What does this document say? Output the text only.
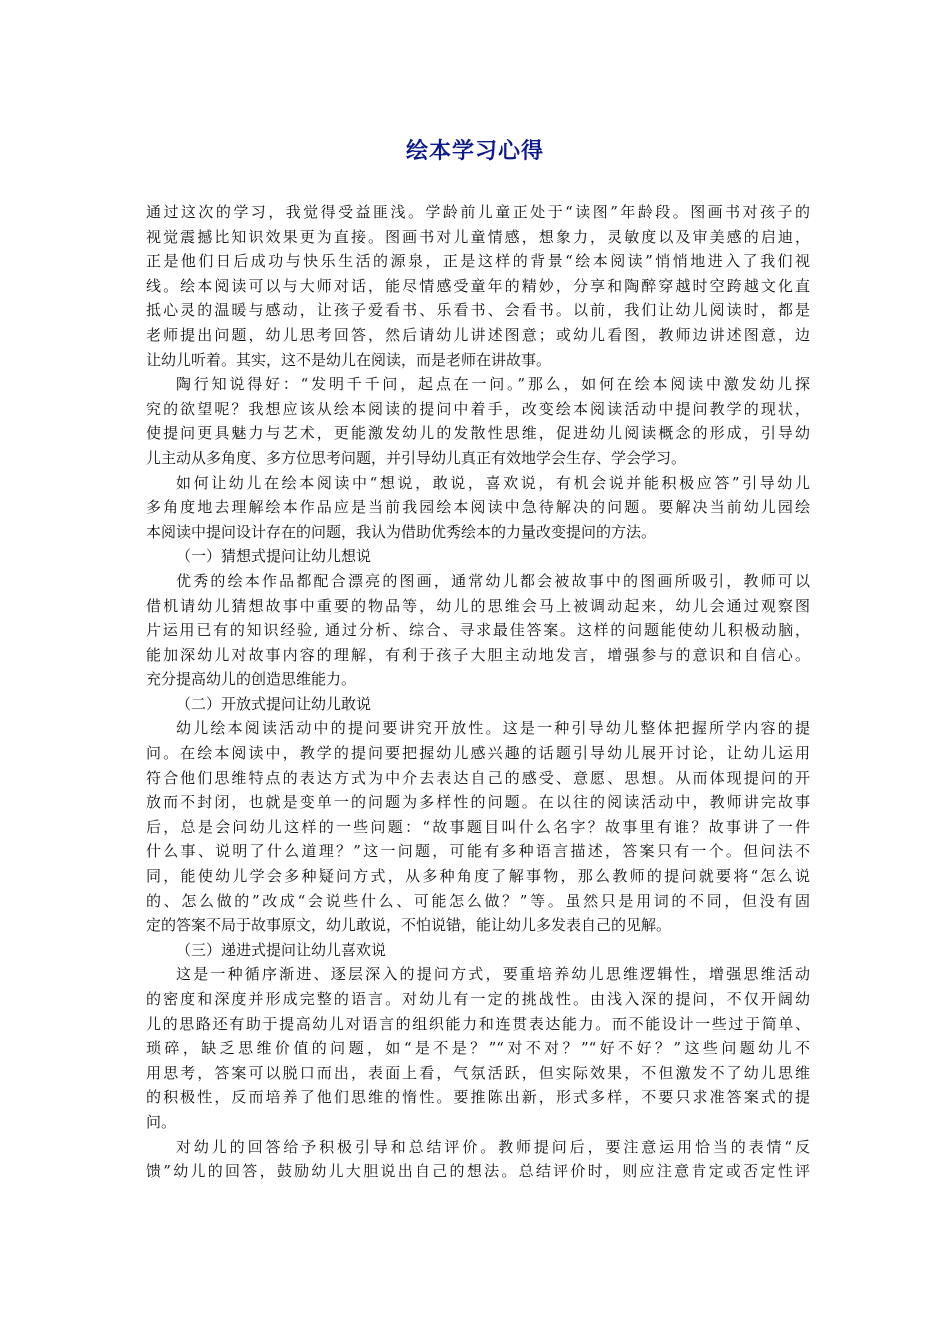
绘本学习心得
通过这次的学习，我觉得受益匪浅。学龄前儿童正处于“读图”年龄段。图画书对孩子的
视觉震撼比知识效果更为直接。图画书对儿童情感，想象力，灵敏度以及审美感的启迪，
正是他们日后成功与快乐生活的源泉，正是这样的背景“绘本阅读”悄悄地进入了我们视
线。绘本阅读可以与大师对话，能尽情感受童年的精妙，分享和陶醉穿越时空跨越文化直
抵心灵的温暖与感动，让孩子爱看书、乐看书、会看书。以前，我们让幼儿阅读时，都是
老师提出问题，幼儿思考回答，然后请幼儿讲述图意；或幼儿看图，教师边讲述图意，边
让幼儿听着。其实，这不是幼儿在阅读，而是老师在讲故事。
陶行知说得好：“发明千千问，起点在一问。”那么，如何在绘本阅读中激发幼儿探
究的欲望呢？我想应该从绘本阅读的提问中着手，改变绘本阅读活动中提问教学的现状，
使提问更具魅力与艺术，更能激发幼儿的发散性思维，促进幼儿阅读概念的形成，引导幼
儿主动从多角度、多方位思考问题，并引导幼儿真正有效地学会生存、学会学习。
如何让幼儿在绘本阅读中“想说，敢说，喜欢说，有机会说并能积极应答”引导幼儿
多角度地去理解绘本作品应是当前我园绘本阅读中急待解决的问题。要解决当前幼儿园绘
本阅读中提问设计存在的问题，我认为借助优秀绘本的力量改变提问的方法。
（一）猜想式提问让幼儿想说
优秀的绘本作品都配合漂亮的图画，通常幼儿都会被故事中的图画所吸引，教师可以
借机请幼儿猜想故事中重要的物品等，幼儿的思维会马上被调动起来，幼儿会通过观察图
片运用已有的知识经验, 通过分析、综合、寻求最佳答案。这样的问题能使幼儿积极动脑，
能加深幼儿对故事内容的理解，有利于孩子大胆主动地发言，增强参与的意识和自信心。
充分提高幼儿的创造思维能力。
（二）开放式提问让幼儿敢说
幼儿绘本阅读活动中的提问要讲究开放性。这是一种引导幼儿整体把握所学内容的提
问。在绘本阅读中，教学的提问要把握幼儿感兴趣的话题引导幼儿展开讨论，让幼儿运用
符合他们思维特点的表达方式为中介去表达自己的感受、意愿、思想。从而体现提问的开
放而不封闭，也就是变单一的问题为多样性的问题。在以往的阅读活动中，教师讲完故事
后，总是会问幼儿这样的一些问题：“故事题目叫什么名字？故事里有谁？故事讲了一件
什么事、说明了什么道理？”这一问题，可能有多种语言描述，答案只有一个。但问法不
同，能使幼儿学会多种疑问方式，从多种角度了解事物，那么教师的提问就要将“怎么说
的、怎么做的”改成“会说些什么、可能怎么做？”等。虽然只是用词的不同，但没有固
定的答案不局于故事原文，幼儿敢说，不怕说错，能让幼儿多发表自己的见解。
（三）递进式提问让幼儿喜欢说
这是一种循序渐进、逐层深入的提问方式，要重培养幼儿思维逻辑性，增强思维活动
的密度和深度并形成完整的语言。对幼儿有一定的挑战性。由浅入深的提问，不仅开阔幼
儿的思路还有助于提高幼儿对语言的组织能力和连贯表达能力。而不能设计一些过于简单、
琐碎，缺乏思维价值的问题，如“是不是？”“对不对？”“好不好？”这些问题幼儿不
用思考，答案可以脱口而出，表面上看，气氛活跃，但实际效果，不但激发不了幼儿思维
的积极性，反而培养了他们思维的惰性。要推陈出新，形式多样，不要只求准答案式的提
问。
对幼儿的回答给予积极引导和总结评价。教师提问后，要注意运用恰当的表情“反
馈”幼儿的回答，鼓励幼儿大胆说出自己的想法。总结评价时，则应注意肯定或否定性评
